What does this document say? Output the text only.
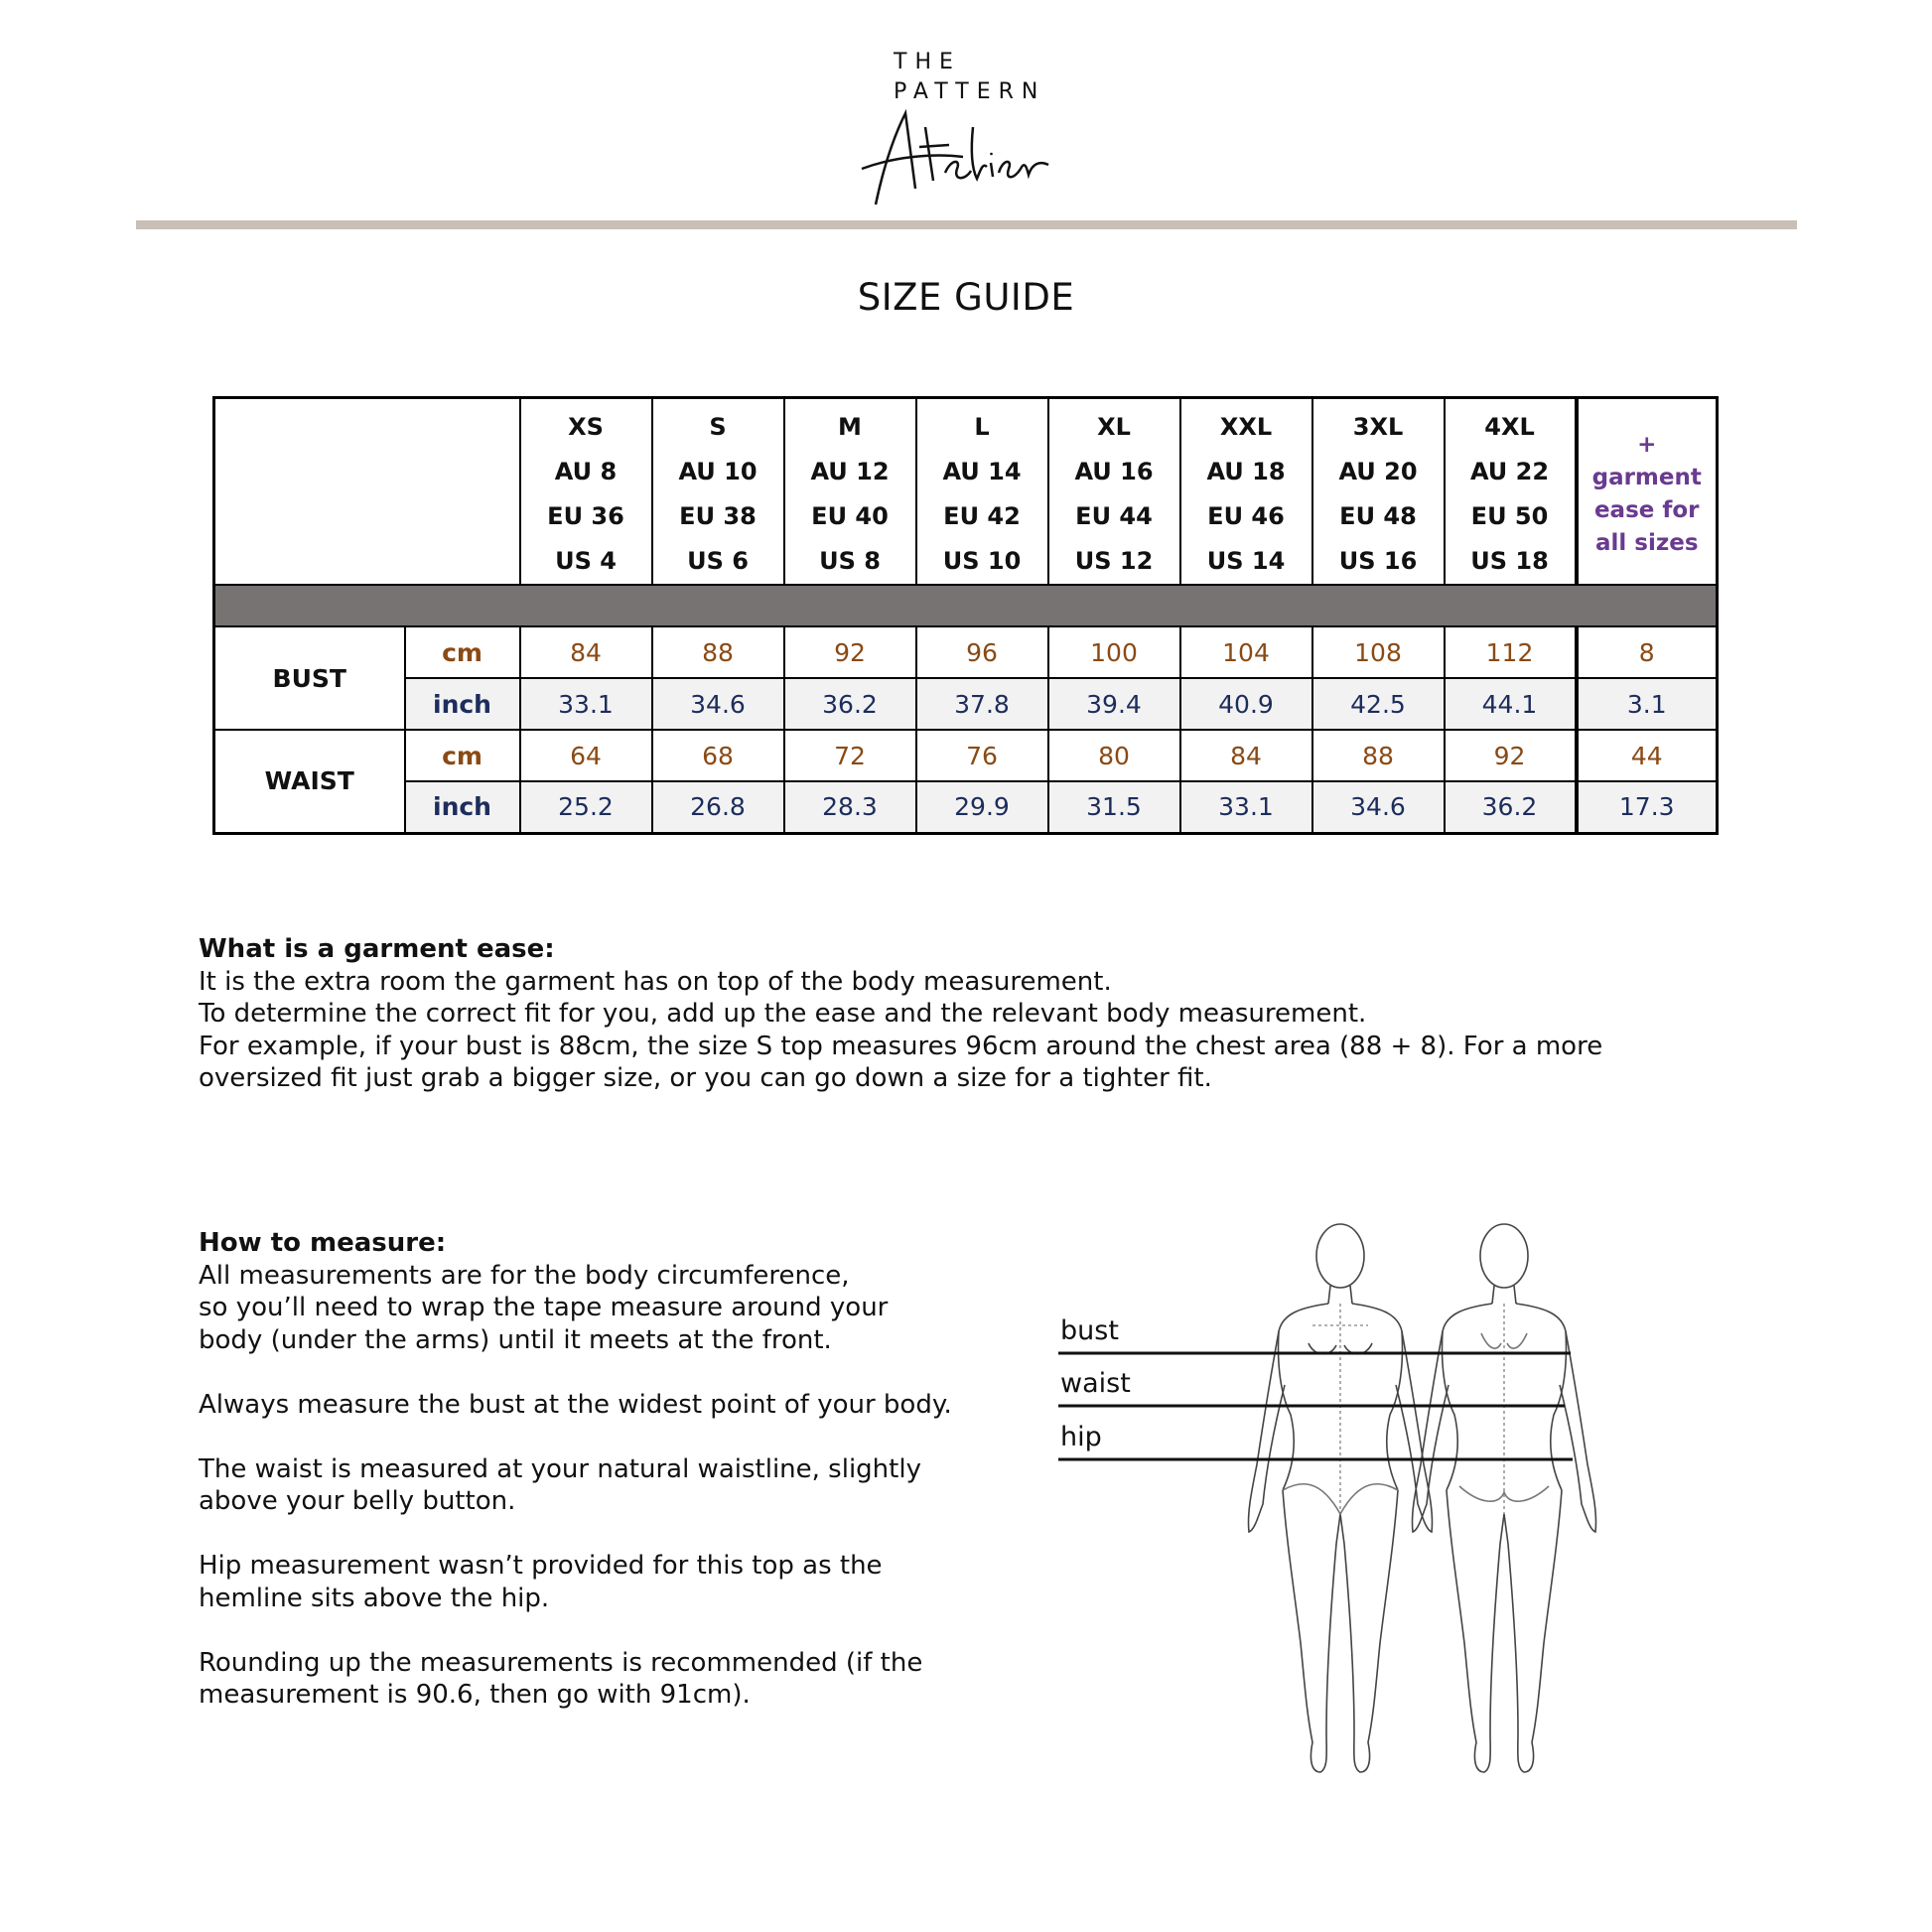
THE
PATTERN
SIZE GUIDE

		XS
AU 8
EU 36
US 4	S
AU 10
EU 38
US 6	M
AU 12
EU 40
US 8	L
AU 14
EU 42
US 10	XL
AU 16
EU 44
US 12	XXL
AU 18
EU 46
US 14	3XL
AU 20
EU 48
US 16	4XL
AU 22
EU 50
US 18	+
garment
ease for
all sizes

BUST	cm	84	88	92	96	100	104	108	112	8
	inch	33.1	34.6	36.2	37.8	39.4	40.9	42.5	44.1	3.1
WAIST	cm	64	68	72	76	80	84	88	92	44
	inch	25.2	26.8	28.3	29.9	31.5	33.1	34.6	36.2	17.3
What is a garment ease:
It is the extra room the garment has on top of the body measurement.
To determine the correct fit for you, add up the ease and the relevant body measurement.
For example, if your bust is 88cm, the size S top measures 96cm around the chest area (88 + 8). For a more
oversized fit just grab a bigger size, or you can go down a size for a tighter fit.
How to measure:
All measurements are for the body circumference,
so you’ll need to wrap the tape measure around your
body (under the arms) until it meets at the front.
Always measure the bust at the widest point of your body.
The waist is measured at your natural waistline, slightly
above your belly button.
Hip measurement wasn’t provided for this top as the
hemline sits above the hip.
Rounding up the measurements is recommended (if the
measurement is 90.6, then go with 91cm).
bust
waist
hip
